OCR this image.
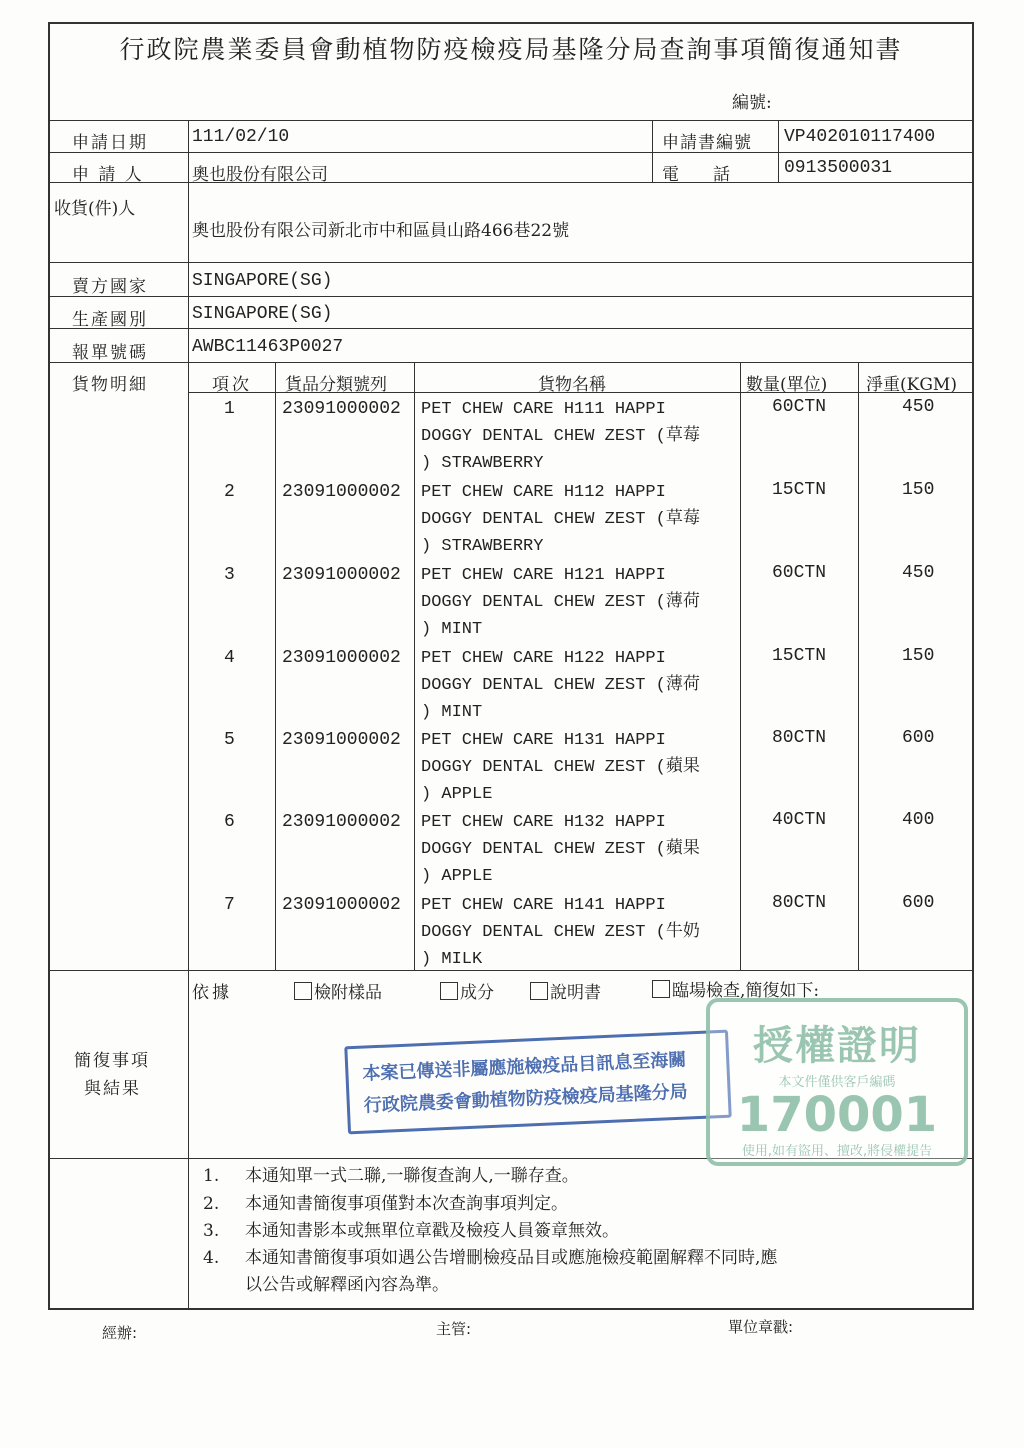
行政院農業委員會動植物防疫檢疫局基隆分局查詢事項簡復通知書
編號:
申請日期 111/02/10	申請書編號 VP402010117400
申 請 人	奧也股份有限公司	電　　話	0913500031
收貨(件)人
奧也股份有限公司新北市中和區員山路466巷22號
賣方國家 SINGAPORE(SG)
生產國別 SINGAPORE(SG)
報單號碼 AWBC11463P0027
貨物明細	項次 貨品分類號列	貨物名稱	數量(單位) 淨重(KGM)
1	23091000002 PET CHEW CARE H111 HAPPI
DOGGY DENTAL CHEW ZEST (草莓
) STRAWBERRY
60CTN	450
2	23091000002 PET CHEW CARE H112 HAPPI
DOGGY DENTAL CHEW ZEST (草莓
) STRAWBERRY
15CTN	150
3	23091000002 PET CHEW CARE H121 HAPPI
DOGGY DENTAL CHEW ZEST (薄荷
) MINT
60CTN	450
4	23091000002 PET CHEW CARE H122 HAPPI
DOGGY DENTAL CHEW ZEST (薄荷
) MINT
15CTN	150
5	23091000002 PET CHEW CARE H131 HAPPI
DOGGY DENTAL CHEW ZEST (蘋果
) APPLE
80CTN	600
6	23091000002 PET CHEW CARE H132 HAPPI
DOGGY DENTAL CHEW ZEST (蘋果
) APPLE
40CTN	400
7	23091000002 PET CHEW CARE H141 HAPPI
DOGGY DENTAL CHEW ZEST (牛奶
) MILK
80CTN	600
簡復事項
與結果
依據	檢附樣品	成分	說明書	臨場檢查,簡復如下:
本案已傳送非屬應施檢疫品目訊息至海關
行政院農委會動植物防疫檢疫局基隆分局
授權證明
本文件僅供客戶編碼
170001
使用,如有盜用、擅改,將侵權提告
1. 本通知單一式二聯,一聯復查詢人,一聯存查。
2. 本通知書簡復事項僅對本次查詢事項判定。
3. 本通知書影本或無單位章戳及檢疫人員簽章無效。
4. 本通知書簡復事項如遇公告增刪檢疫品目或應施檢疫範圍解釋不同時,應
以公告或解釋函內容為準。
經辦:	主管:	單位章戳:
